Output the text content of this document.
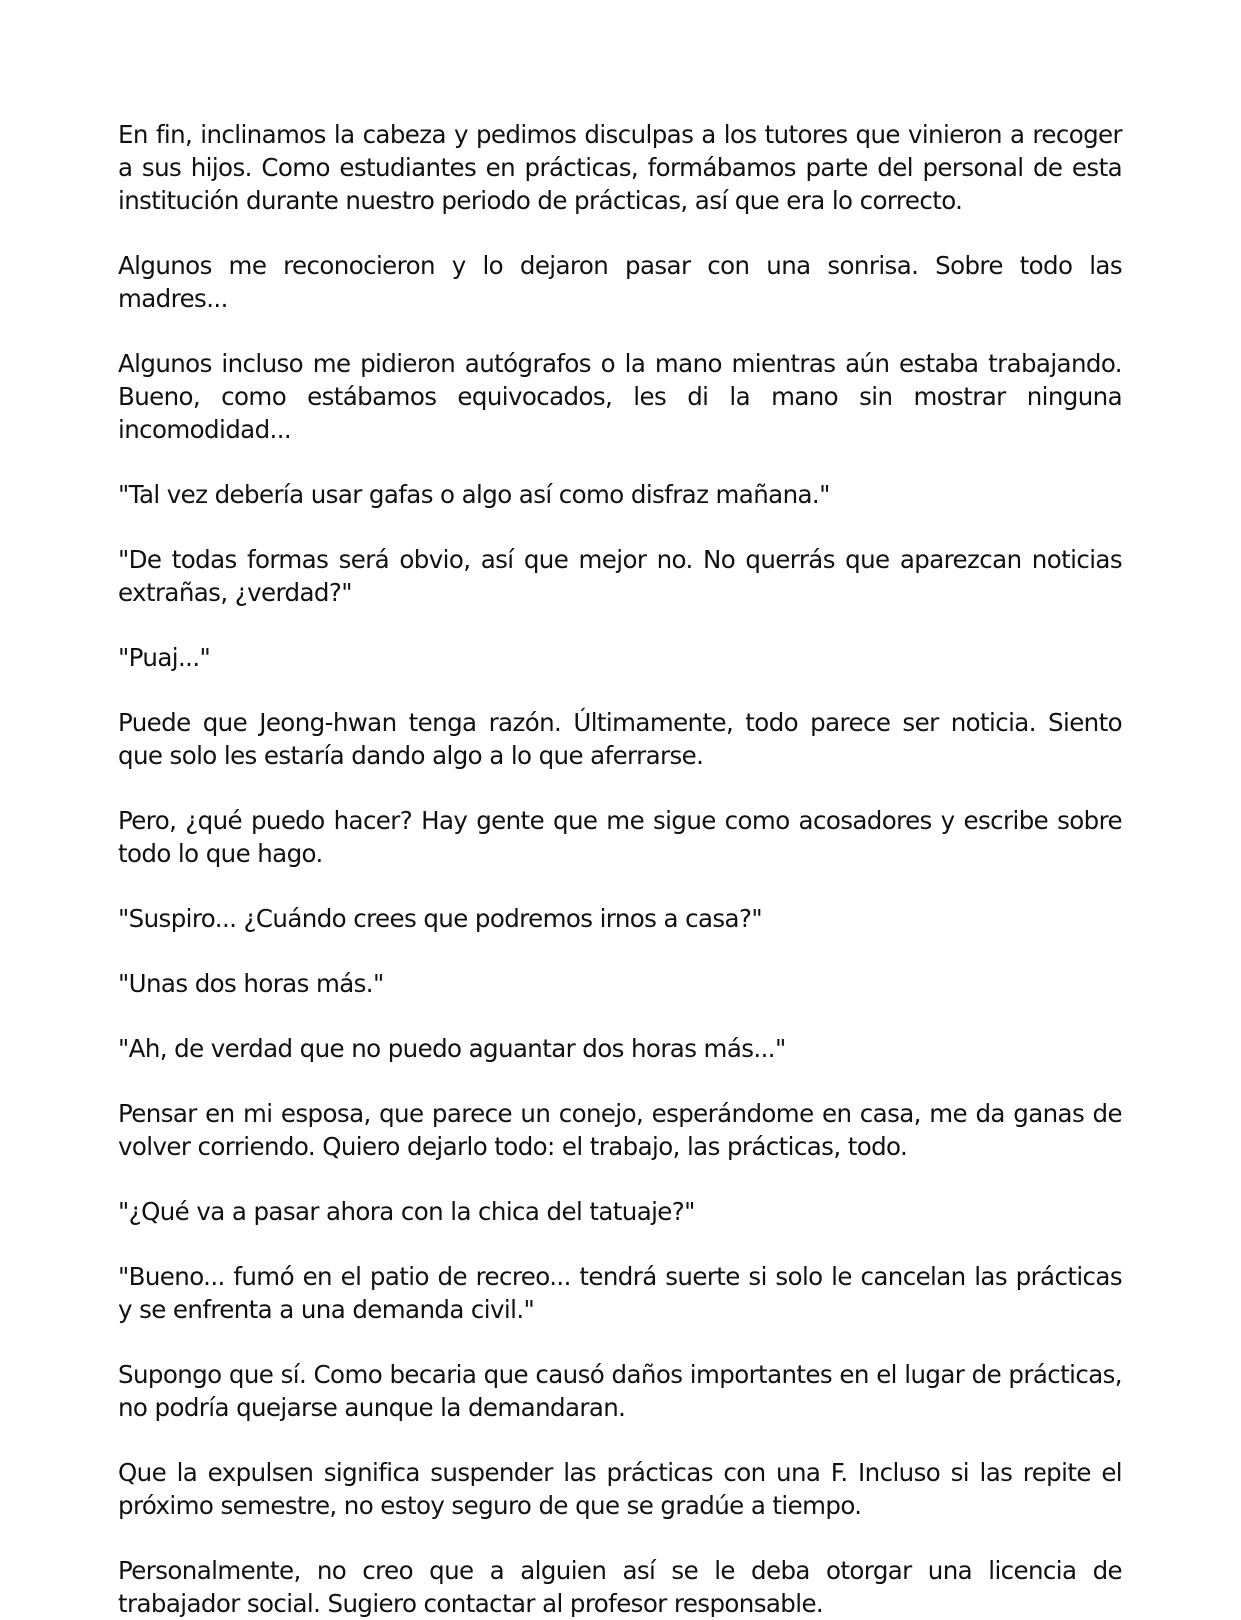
En fin, inclinamos la cabeza y pedimos disculpas a los tutores que vinieron a recoger a sus hijos. Como estudiantes en prácticas, formábamos parte del personal de esta institución durante nuestro periodo de prácticas, así que era lo correcto.

Algunos me reconocieron y lo dejaron pasar con una sonrisa. Sobre todo las madres...

Algunos incluso me pidieron autógrafos o la mano mientras aún estaba trabajando. Bueno, como estábamos equivocados, les di la mano sin mostrar ninguna incomodidad...

"Tal vez debería usar gafas o algo así como disfraz mañana."

"De todas formas será obvio, así que mejor no. No querrás que aparezcan noticias extrañas, ¿verdad?"

"Puaj..."

Puede que Jeong-hwan tenga razón. Últimamente, todo parece ser noticia. Siento que solo les estaría dando algo a lo que aferrarse.

Pero, ¿qué puedo hacer? Hay gente que me sigue como acosadores y escribe sobre todo lo que hago.

"Suspiro... ¿Cuándo crees que podremos irnos a casa?"

"Unas dos horas más."

"Ah, de verdad que no puedo aguantar dos horas más..."

Pensar en mi esposa, que parece un conejo, esperándome en casa, me da ganas de volver corriendo. Quiero dejarlo todo: el trabajo, las prácticas, todo.

"¿Qué va a pasar ahora con la chica del tatuaje?"

"Bueno... fumó en el patio de recreo... tendrá suerte si solo le cancelan las prácticas y se enfrenta a una demanda civil."

Supongo que sí. Como becaria que causó daños importantes en el lugar de prácticas, no podría quejarse aunque la demandaran.

Que la expulsen significa suspender las prácticas con una F. Incluso si las repite el próximo semestre, no estoy seguro de que se gradúe a tiempo.

Personalmente, no creo que a alguien así se le deba otorgar una licencia de trabajador social. Sugiero contactar al profesor responsable.
